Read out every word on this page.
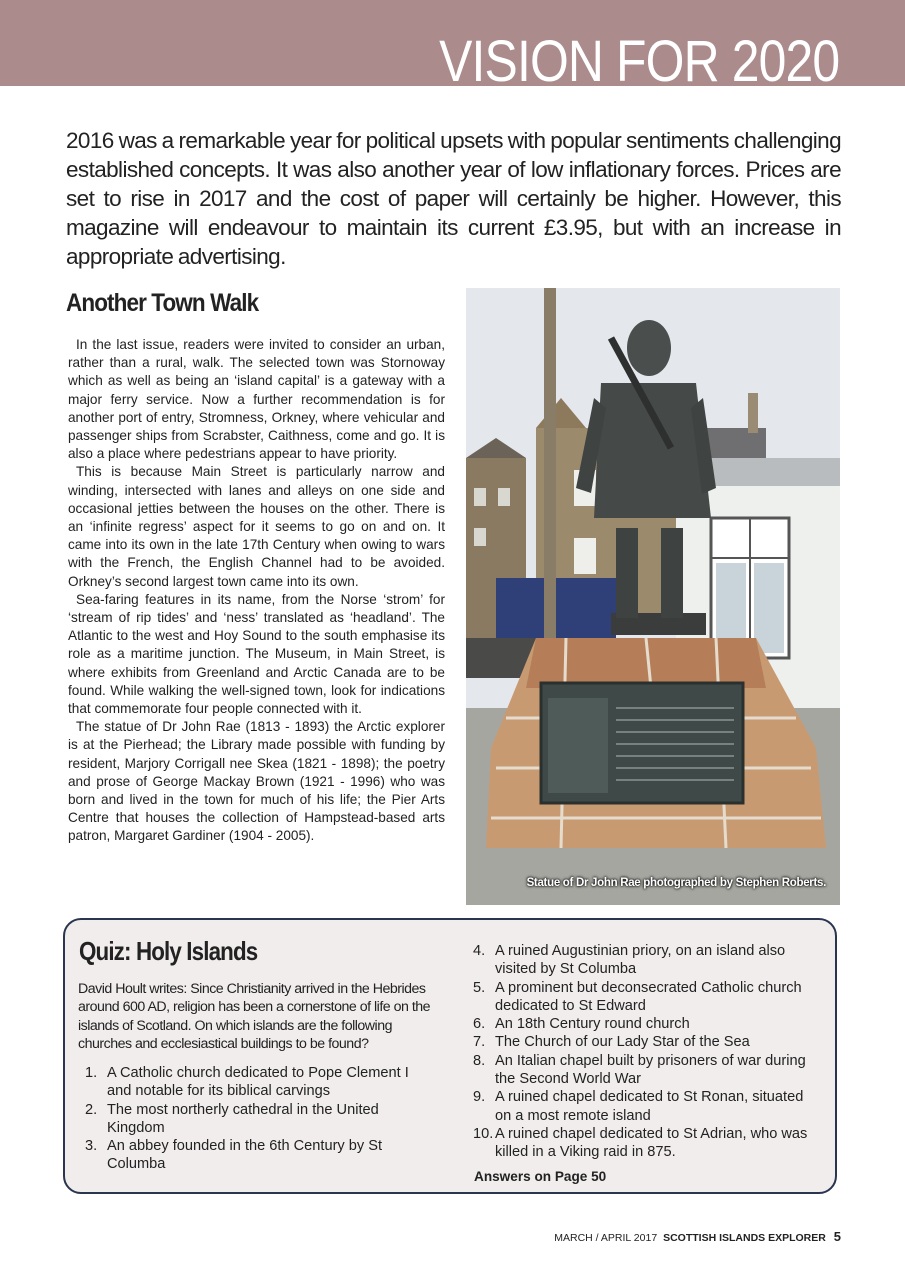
VISION FOR 2020

2016 was a remarkable year for political upsets with popular sentiments challenging established concepts. It was also another year of low inflationary forces. Prices are set to rise in 2017 and the cost of paper will certainly be higher. However, this magazine will endeavour to maintain its current £3.95, but with an increase in appropriate advertising.

Another Town Walk

In the last issue, readers were invited to consider an urban, rather than a rural, walk. The selected town was Stornoway which as well as being an ‘island capital’ is a gateway with a major ferry service. Now a further recommendation is for another port of entry, Stromness, Orkney, where vehicular and passenger ships from Scrabster, Caithness, come and go. It is also a place where pedestrians appear to have priority.

This is because Main Street is particularly narrow and winding, intersected with lanes and alleys on one side and occasional jetties between the houses on the other. There is an ‘infinite regress’ aspect for it seems to go on and on. It came into its own in the late 17th Century when owing to wars with the French, the English Channel had to be avoided. Orkney’s second largest town came into its own.

Sea-faring features in its name, from the Norse ‘strom’ for ‘stream of rip tides’ and ‘ness’ translated as ‘headland’. The Atlantic to the west and Hoy Sound to the south emphasise its role as a maritime junction. The Museum, in Main Street, is where exhibits from Greenland and Arctic Canada are to be found. While walking the well-signed town, look for indications that commemorate four people connected with it.

The statue of Dr John Rae (1813 - 1893) the Arctic explorer is at the Pierhead; the Library made possible with funding by resident, Marjory Corrigall nee Skea (1821 - 1898); the poetry and prose of George Mackay Brown (1921 - 1996) who was born and lived in the town for much of his life; the Pier Arts Centre that houses the collection of Hampstead-based arts patron, Margaret Gardiner (1904 - 2005).

Statue of Dr John Rae photographed by Stephen Roberts.
Quiz: Holy Islands

David Hoult writes: Since Christianity arrived in the Hebrides around 600 AD, religion has been a cornerstone of life on the islands of Scotland. On which islands are the following churches and ecclesiastical buildings to be found?

1. A Catholic church dedicated to Pope Clement I and notable for its biblical carvings
2. The most northerly cathedral in the United Kingdom
3. An abbey founded in the 6th Century by St Columba
4. A ruined Augustinian priory, on an island also visited by St Columba
5. A prominent but deconsecrated Catholic church dedicated to St Edward
6. An 18th Century round church
7. The Church of our Lady Star of the Sea
8. An Italian chapel built by prisoners of war during the Second World War
9. A ruined chapel dedicated to St Ronan, situated on a most remote island
10. A ruined chapel dedicated to St Adrian, who was killed in a Viking raid in 875.

Answers on Page 50

MARCH / APRIL 2017 SCOTTISH ISLANDS EXPLORER 5
